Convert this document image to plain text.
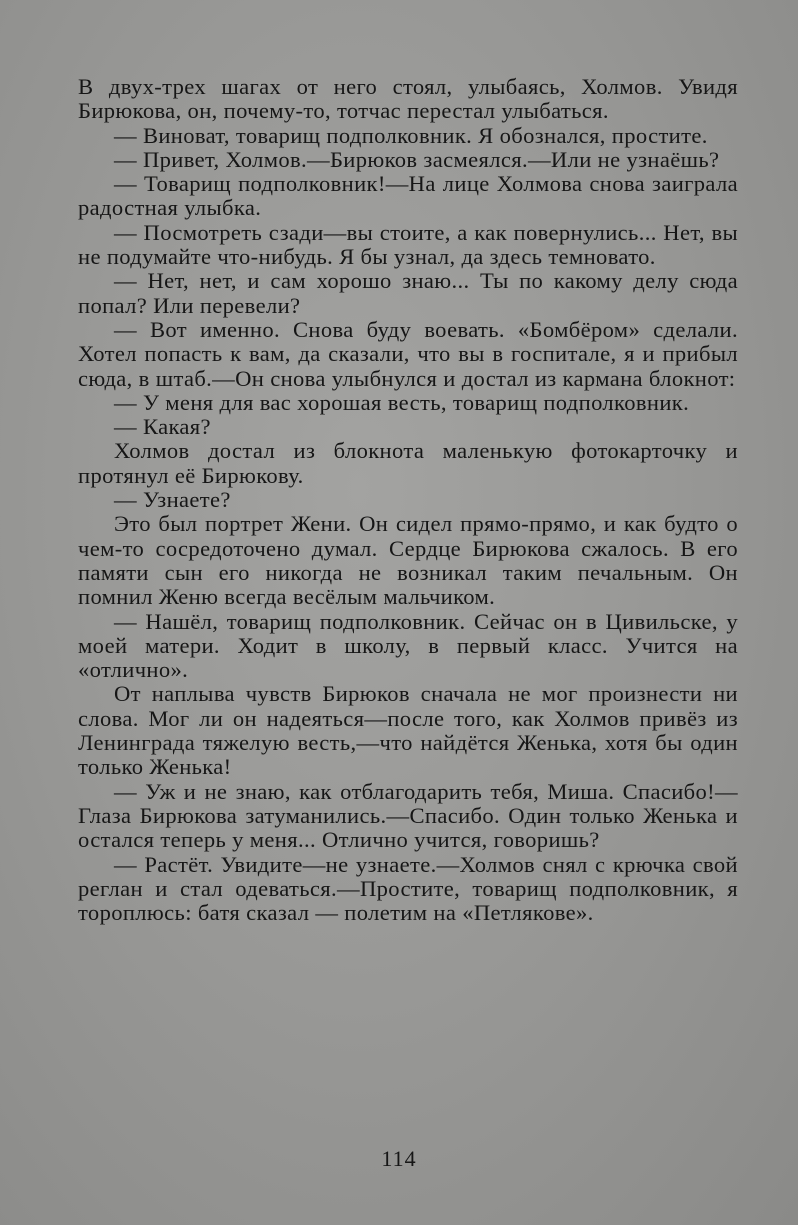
В двух-трех шагах от него стоял, улыбаясь, Холмов. Увидя Бирюкова, он, почему-то, тотчас перестал улыбаться.

— Виноват, товарищ подполковник. Я обознался, простите.

— Привет, Холмов.—Бирюков засмеялся.—Или не узнаёшь?

— Товарищ подполковник!—На лице Холмова снова заиграла радостная улыбка.

— Посмотреть сзади—вы стоите, а как повернулись... Нет, вы не подумайте что-нибудь. Я бы узнал, да здесь темновато.

— Нет, нет, и сам хорошо знаю... Ты по какому делу сюда попал? Или перевели?

— Вот именно. Снова буду воевать. «Бомбёром» сделали. Хотел попасть к вам, да сказали, что вы в госпитале, я и прибыл сюда, в штаб.—Он снова улыбнулся и достал из кармана блокнот:

— У меня для вас хорошая весть, товарищ подполковник.

— Какая?

Холмов достал из блокнота маленькую фотокарточку и протянул её Бирюкову.

— Узнаете?

Это был портрет Жени. Он сидел прямо-прямо, и как будто о чем-то сосредоточено думал. Сердце Бирюкова сжалось. В его памяти сын его никогда не возникал таким печальным. Он помнил Женю всегда весёлым мальчиком.

— Нашёл, товарищ подполковник. Сейчас он в Цивильске, у моей матери. Ходит в школу, в первый класс. Учится на «отлично».

От наплыва чувств Бирюков сначала не мог произнести ни слова. Мог ли он надеяться—после того, как Холмов привёз из Ленинграда тяжелую весть,—что найдётся Женька, хотя бы один только Женька!

— Уж и не знаю, как отблагодарить тебя, Миша. Спасибо!—Глаза Бирюкова затуманились.—Спасибо. Один только Женька и остался теперь у меня... Отлично учится, говоришь?

— Растёт. Увидите—не узнаете.—Холмов снял с крючка свой реглан и стал одеваться.—Простите, товарищ подполковник, я тороплюсь: батя сказал — полетим на «Петлякове».

114
